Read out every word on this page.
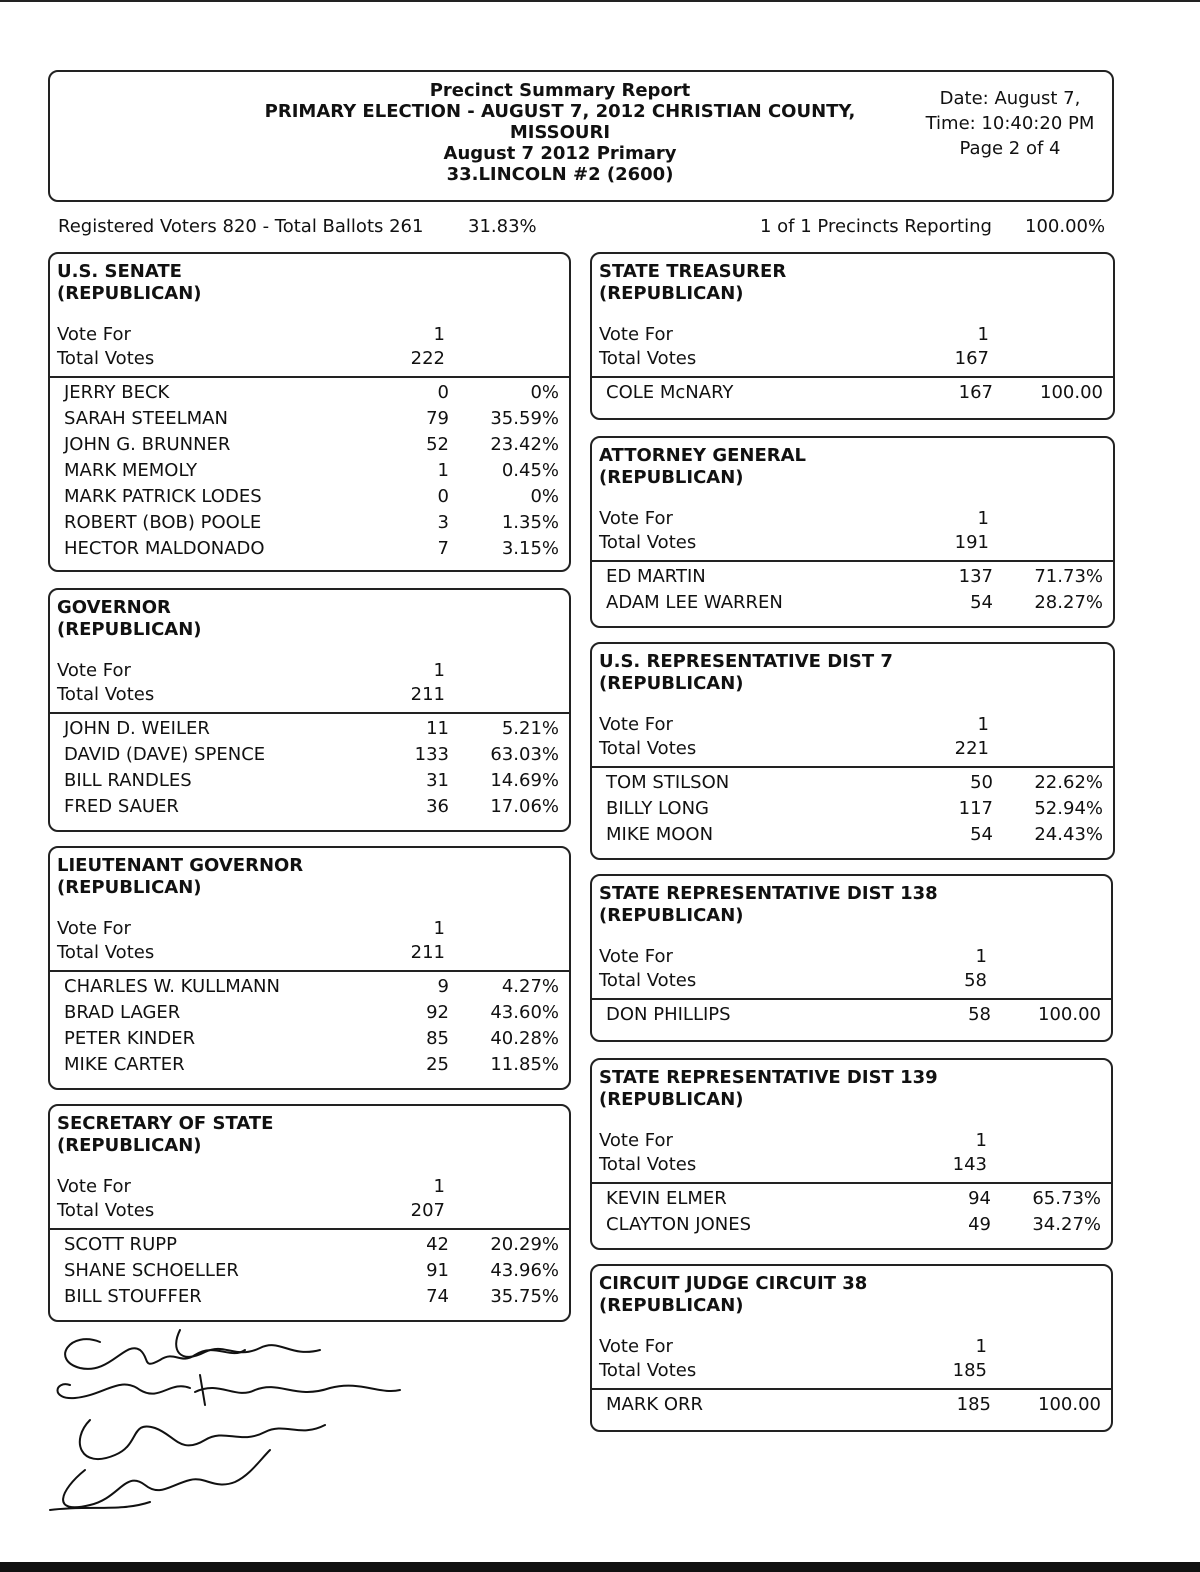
Precinct Summary Report
PRIMARY ELECTION - AUGUST 7, 2012 CHRISTIAN COUNTY,
MISSOURI
August 7 2012 Primary
33.LINCOLN #2 (2600)
Date: August 7,
Time: 10:40:20 PM
Page 2 of 4
Registered Voters 820 - Total Ballots 261 31.83%	1 of 1 Precincts Reporting 100.00%
U.S. SENATE
(REPUBLICAN)
Vote For	1
Total Votes	222
JERRY BECK	0	0%
SARAH STEELMAN	79	35.59%
JOHN G. BRUNNER	52	23.42%
MARK MEMOLY	1	0.45%
MARK PATRICK LODES	0	0%
ROBERT (BOB) POOLE	3	1.35%
HECTOR MALDONADO	7	3.15%
GOVERNOR
(REPUBLICAN)
Vote For	1
Total Votes	211
JOHN D. WEILER	11	5.21%
DAVID (DAVE) SPENCE	133	63.03%
BILL RANDLES	31	14.69%
FRED SAUER	36	17.06%
LIEUTENANT GOVERNOR
(REPUBLICAN)
Vote For	1
Total Votes	211
CHARLES W. KULLMANN	9	4.27%
BRAD LAGER	92	43.60%
PETER KINDER	85	40.28%
MIKE CARTER	25	11.85%
SECRETARY OF STATE
(REPUBLICAN)
Vote For	1
Total Votes	207
SCOTT RUPP	42	20.29%
SHANE SCHOELLER	91	43.96%
BILL STOUFFER	74	35.75%
STATE TREASURER
(REPUBLICAN)
Vote For	1
Total Votes	167
COLE McNARY	167	100.00
ATTORNEY GENERAL
(REPUBLICAN)
Vote For	1
Total Votes	191
ED MARTIN	137	71.73%
ADAM LEE WARREN	54	28.27%
U.S. REPRESENTATIVE DIST 7
(REPUBLICAN)
Vote For	1
Total Votes	221
TOM STILSON	50	22.62%
BILLY LONG	117	52.94%
MIKE MOON	54	24.43%
STATE REPRESENTATIVE DIST 138
(REPUBLICAN)
Vote For	1
Total Votes	58
DON PHILLIPS	58	100.00
STATE REPRESENTATIVE DIST 139
(REPUBLICAN)
Vote For	1
Total Votes	143
KEVIN ELMER	94	65.73%
CLAYTON JONES	49	34.27%
CIRCUIT JUDGE CIRCUIT 38
(REPUBLICAN)
Vote For	1
Total Votes	185
MARK ORR	185	100.00
